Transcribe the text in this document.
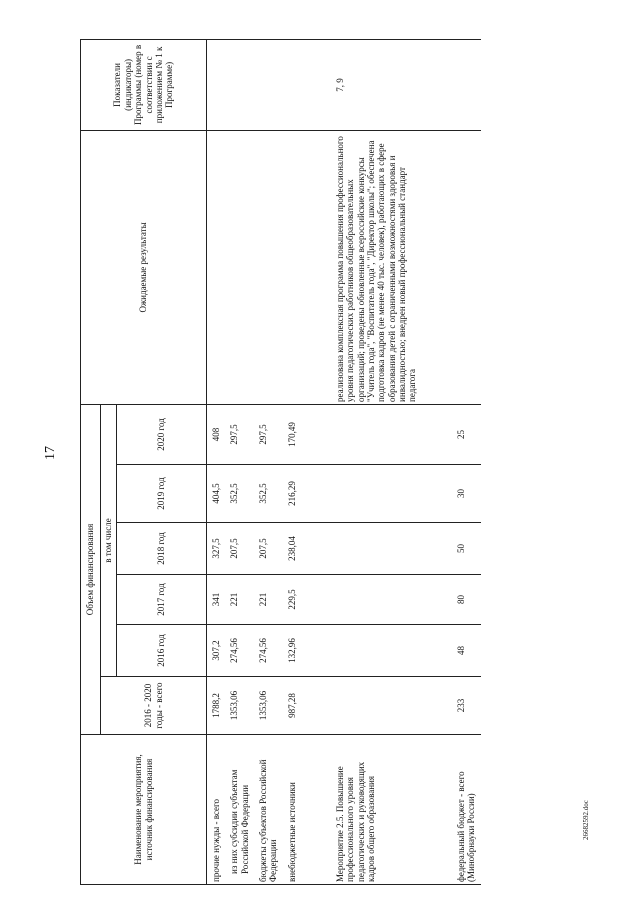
17
26682592.doc
Наименование мероприятия, источник финансирования	Объем финансирования						Ожидаемые результаты	Показатели (индикаторы) Программы (номер в соответствии с приложением № 1 к Программе)
	2016 - 2020 годы - всего	в том числе						
		2016 год	2017 год	2018 год	2019 год	2020 год		
прочие нужды - всего	1788,2	307,2	341	327,5	404,5	408		
из них субсидии субъектам Российской Федерации	1353,06	274,56	221	207,5	352,5	297,5		
бюджеты субъектов Российской Федерации	1353,06	274,56	221	207,5	352,5	297,5		
внебюджетные источники	987,28	132,96	229,5	238,04	216,29	170,49		

Мероприятие 2.5. Повышение профессионального уровня педагогических и руководящих кадров общего образования							реализована комплексная программа повышения профессионального уровня педагогических работников общеобразовательных организаций; проведены обновленные всероссийские конкурсы "Учитель года", "Воспитатель года", "Директор школы"; обеспечена подготовка кадров (не менее 40 тыс. человек), работающих в сфере образования детей с ограниченными возможностями здоровья и инвалидностью; внедрен новый профессиональный стандарт педагога	7, 9

федеральный бюджет - всего (Минобрнауки России)	233	48	80	50	30	25		
